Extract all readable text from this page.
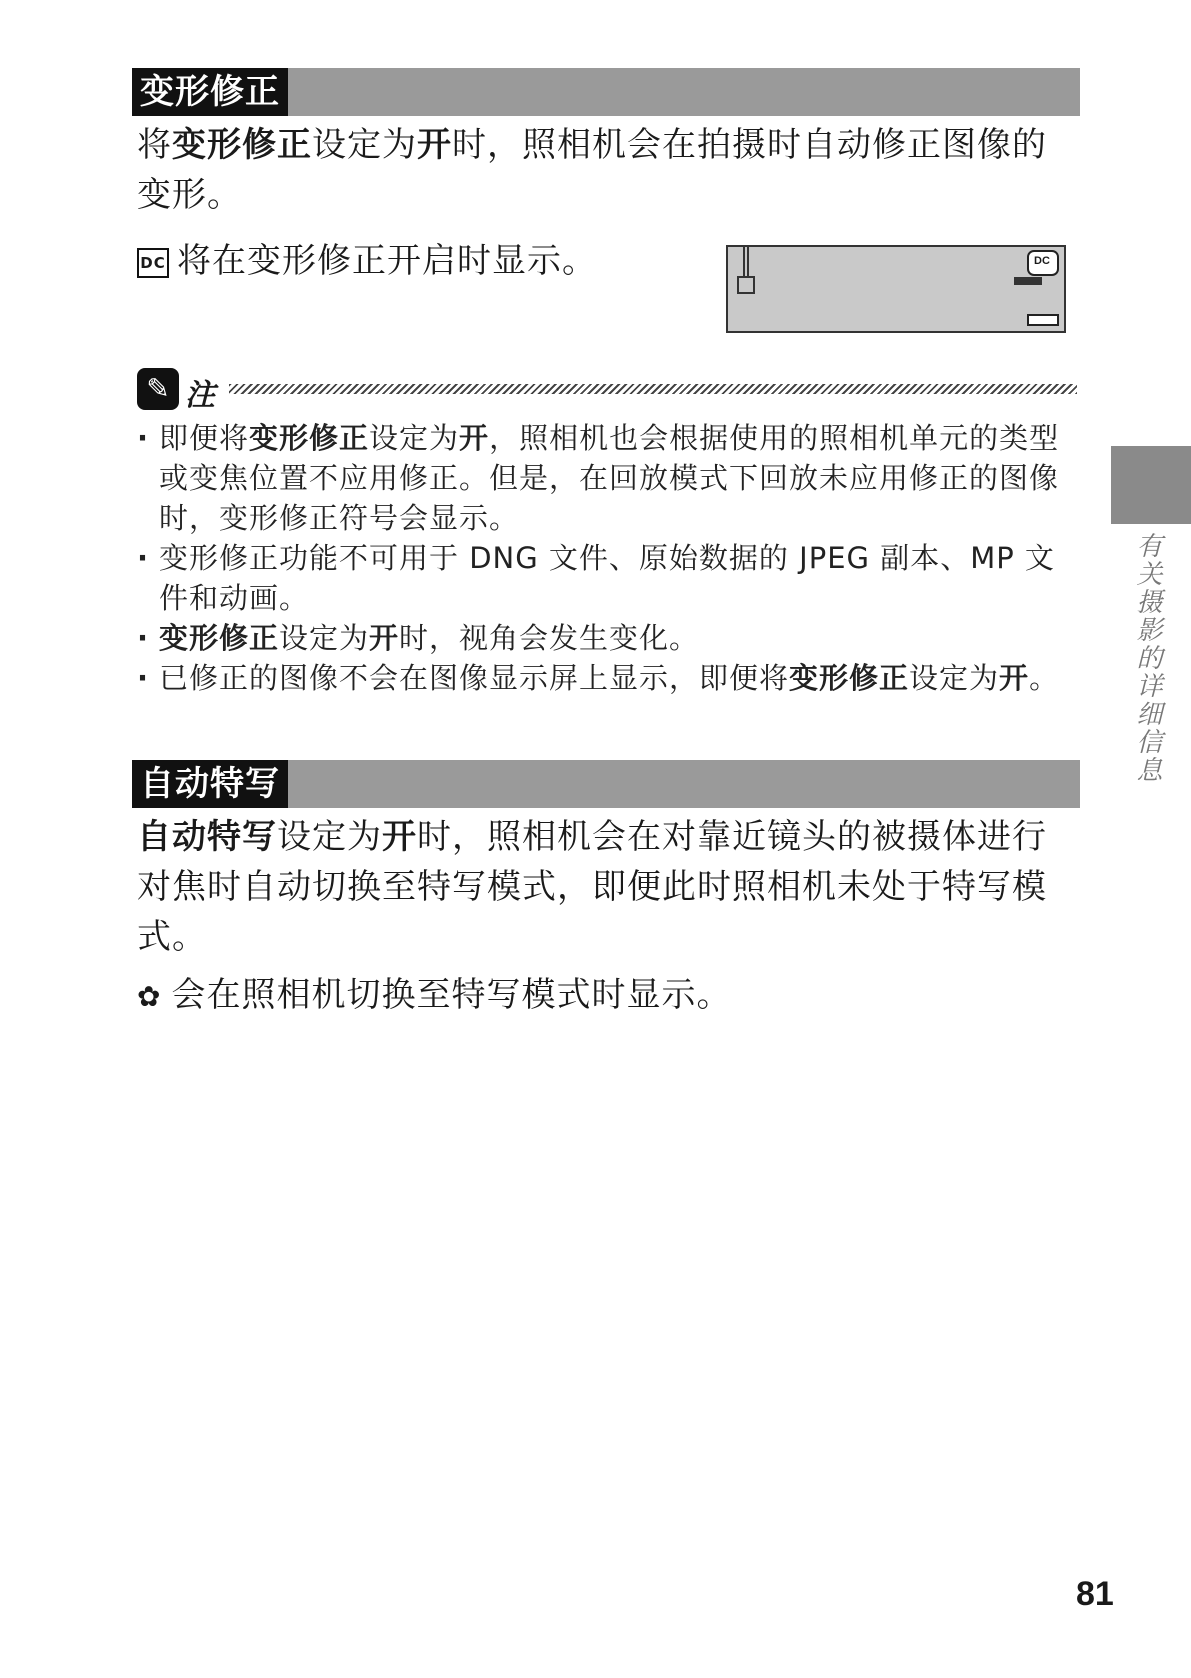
变形修正

将变形修正设定为开时，照相机会在拍摄时自动修正图像的变形。

DC 将在变形修正开启时显示。	DC
✎ 注
· 即便将变形修正设定为开，照相机也会根据使用的照相机单元的类型或变焦位置不应用修正。但是，在回放模式下回放未应用修正的图像时，变形修正符号会显示。
· 变形修正功能不可用于 DNG 文件、原始数据的 JPEG 副本、MP 文件和动画。
· 变形修正设定为开时，视角会发生变化。
· 已修正的图像不会在图像显示屏上显示，即便将变形修正设定为开。
自动特写

自动特写设定为开时，照相机会在对靠近镜头的被摄体进行对焦时自动切换至特写模式，即便此时照相机未处于特写模式。

✿ 会在照相机切换至特写模式时显示。

有关摄影的详细信息
81
